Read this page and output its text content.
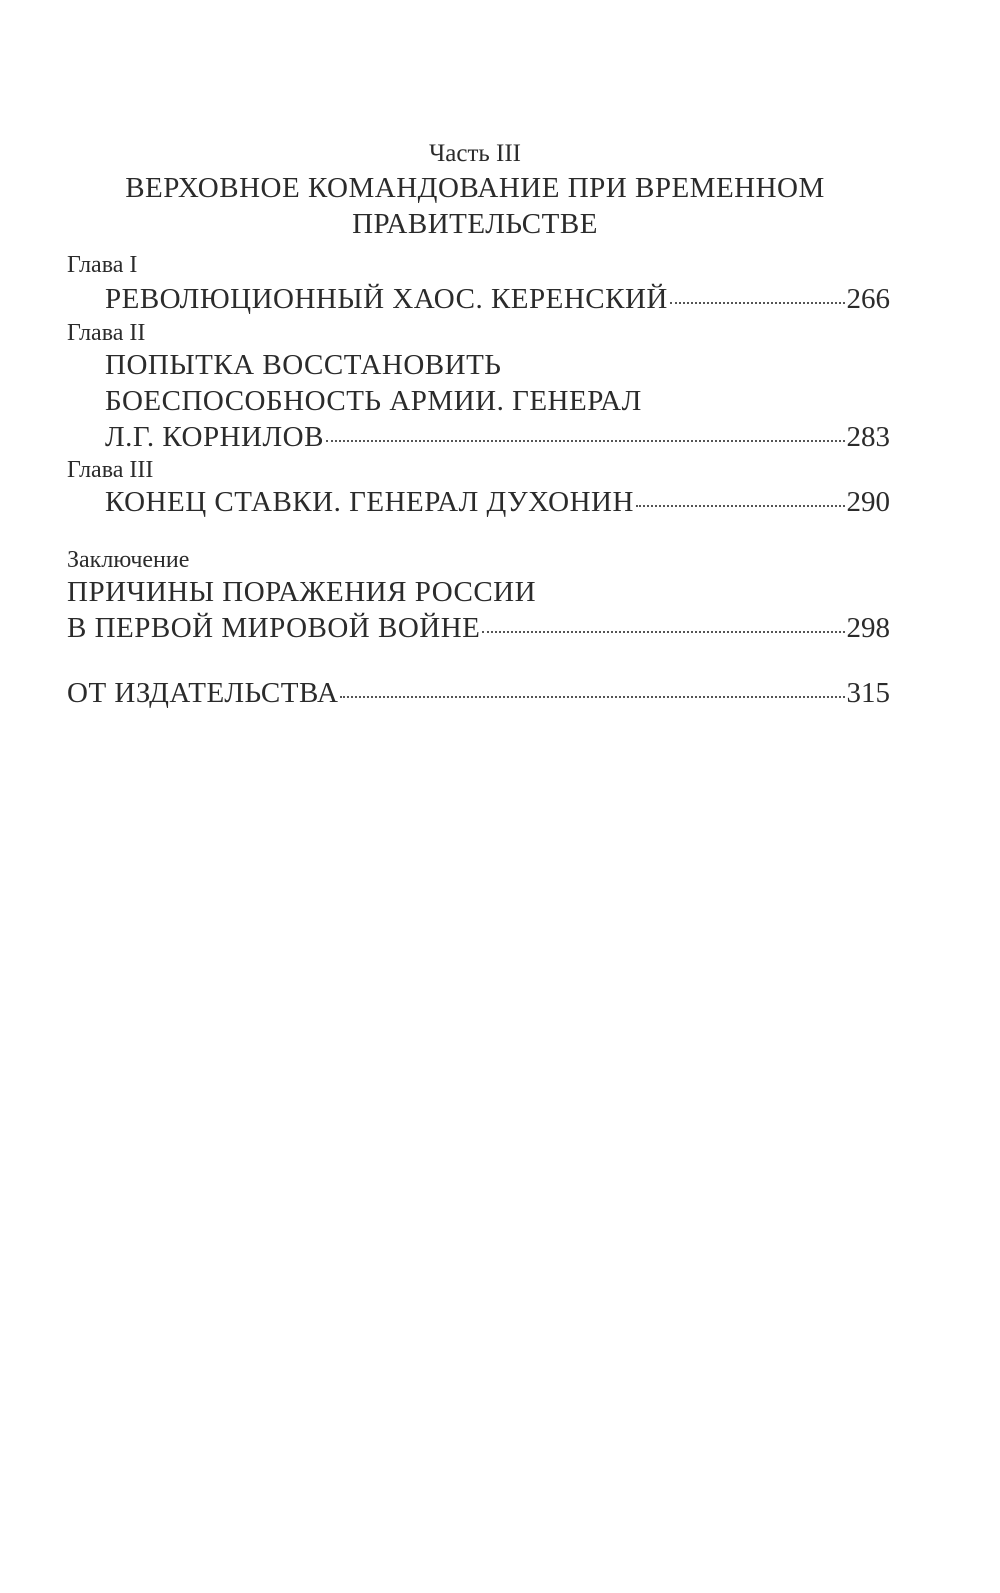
Часть III
ВЕРХОВНОЕ КОМАНДОВАНИЕ ПРИ ВРЕМЕННОМ ПРАВИТЕЛЬСТВЕ
Глава I
РЕВОЛЮЦИОННЫЙ ХАОС. КЕРЕНСКИЙ	266
Глава II
ПОПЫТКА ВОССТАНОВИТЬ
БОЕСПОСОБНОСТЬ АРМИИ. ГЕНЕРАЛ
Л.Г. КОРНИЛОВ	283
Глава III
КОНЕЦ СТАВКИ. ГЕНЕРАЛ ДУХОНИН	290
Заключение
ПРИЧИНЫ ПОРАЖЕНИЯ РОССИИ
В ПЕРВОЙ МИРОВОЙ ВОЙНЕ	298
ОТ ИЗДАТЕЛЬСТВА	315
